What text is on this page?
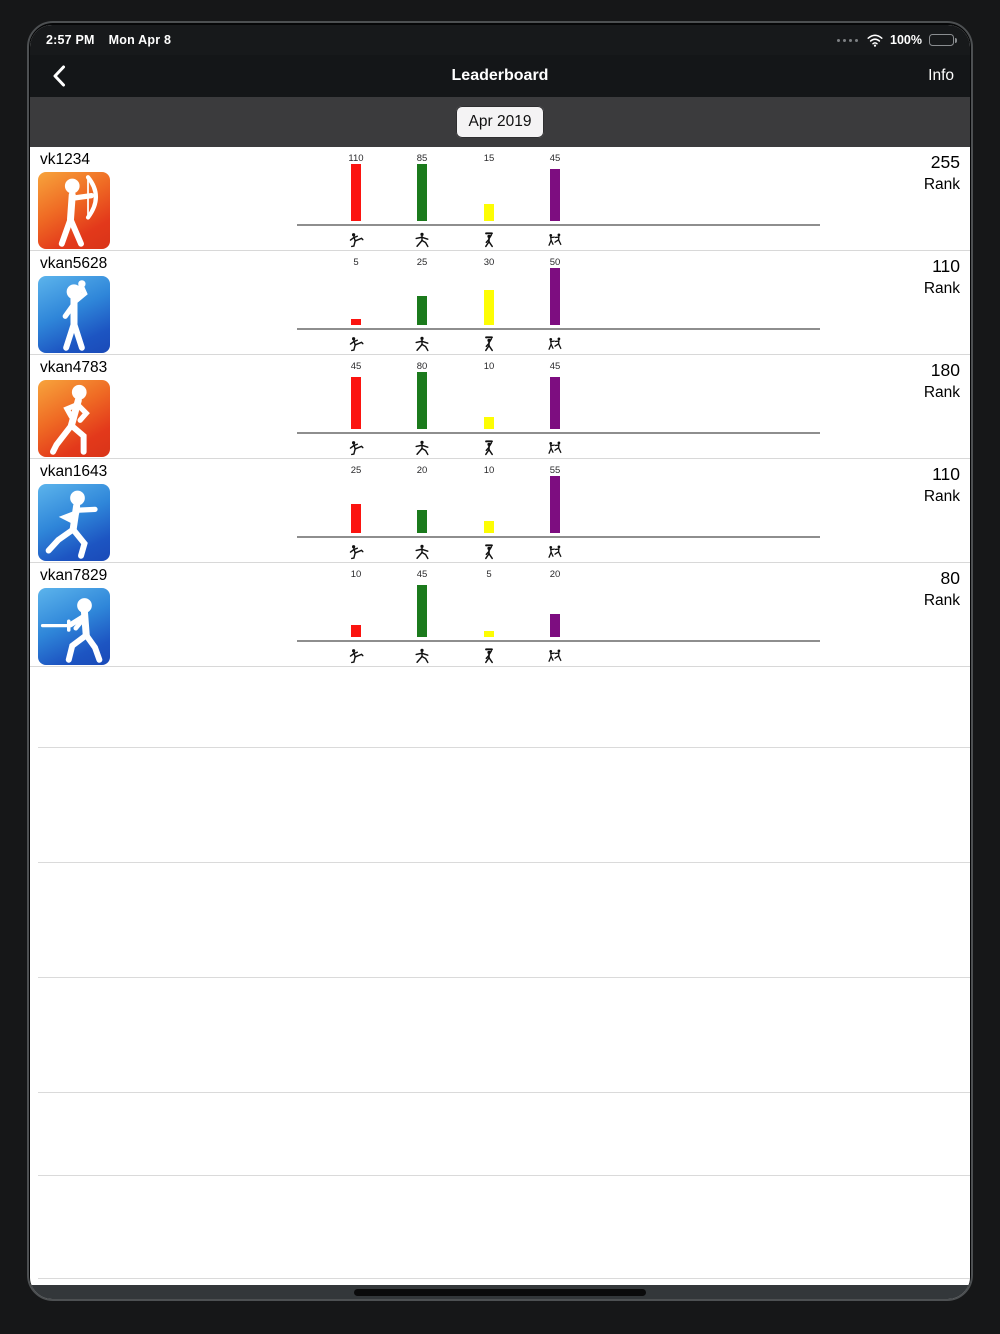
2:57 PM Mon Apr 8	100%
Leaderboard	Info
Apr 2019
vk1234	110	85	15	45	255
Rank
vkan5628	5	25	30	50	110
Rank
vkan4783	45	80	10	45	180
Rank
vkan1643	25	20	10	55	110
Rank
vkan7829	10	45	5	20	80
Rank
